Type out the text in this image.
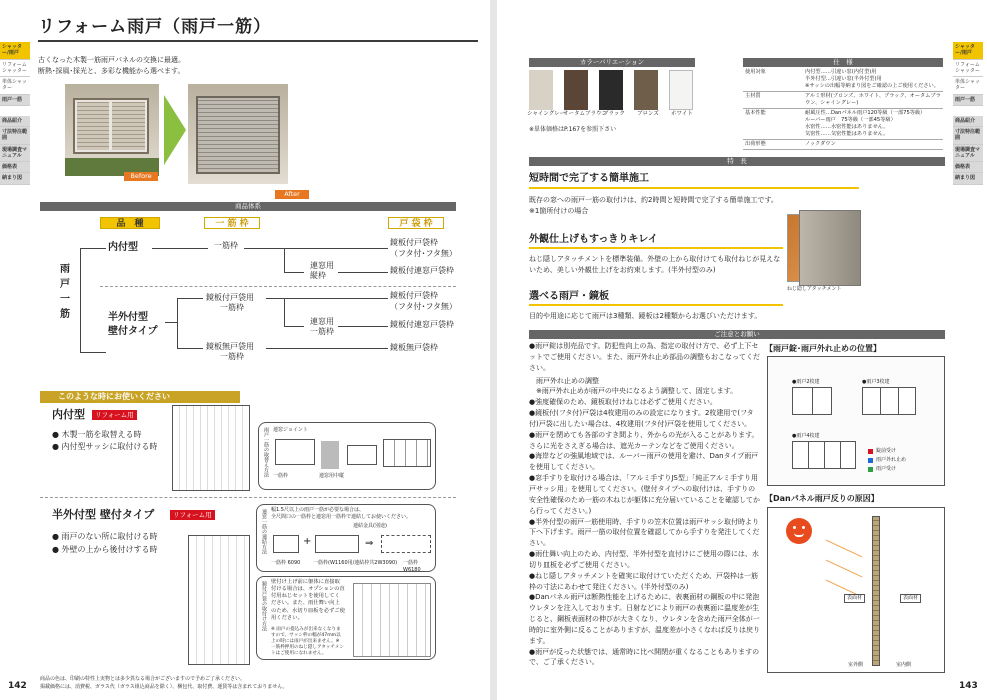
リフォーム雨戸（雨戸一筋）
古くなった木製一筋雨戸パネルの交換に最適。
断熱･採風･採光と、多彩な機能から選べます。
Before
After
商品体系
品　種	一 筋 枠	戸 袋 枠
雨
戸
一
筋
内付型	一筋枠
連窓用
縦枠
鏡板付戸袋枠
（フタ付･フタ無）
鏡板付連窓戸袋枠
半外付型
壁付タイプ
鏡板付戸袋用
一筋枠
連窓用
一筋枠
鏡板付戸袋枠
（フタ付･フタ無）
鏡板付連窓戸袋枠
鏡板無戸袋用
一筋枠
鏡板無戸袋枠
このような時にお使いください
内付型	リフォーム用
● 木製一筋を取替える時
● 内付型サッシに取付ける時	雨戸一筋の取替え方法 連窓ジョイント
一筋枠	連窓用中縦
半外付型 壁付タイプ	リフォーム用
● 雨戸のない所に取付ける時
● 外壁の上から後付けする時	連窓一筋の連結方法 幅1.5尺以上の雨戸一筋が必要な場合は、
全尺間口の一筋枠と連窓用一筋枠で連結してお使いください。
連結金具(別途)
+	⇒
一筋枠 6090	一筋枠(W1160用/連結枠共2W3090) 一筋枠 W6180
鏡付戸袋の取付け方法 壁付け上げ前に躯体に直接取付ける場合は、オプションの直付用ねじセットを使用してください。また、雨仕舞い向上のため、水切り皿板を必ずご使用ください。
※ 雨戸の提込みが出来なくなりますので、サッシ枠の幅が47mm以上の時には雨戸が出来ません。※ 一筋枠押用のねじ隠しアタッチメントはご使用になれません。
142
商品の色は、印刷の特性上実物とは多少異なる場合がございますので予めご了承ください。
掲載価格には、消費税、ガラス代（ガラス組込商品を除く）、梱包代、取付費、運賃等は含まれておりません。
シャッター/雨戸
リフォームシャッター
単体シャッター
雨戸一筋
商品紹介
寸法特注範囲
現場調査マニュアル
価格表
納まり図
カラーバリエーション
シャイングレー
オータムブラウン
ブラック ブロンズ ホワイト
※単体価格はP.167を参照下さい
仕　様
使用対象	内付型……引違い窓(内付型)用
半外付型…引違い窓(半外付型)用
※サッシの出幅等納まり図をご確認の上ご使用ください。
主材質	アルミ形材(ブロンズ、ホワイト、ブラック、オータムブラウン、シャイングレー)
基本性能	耐風圧性…Danパネル雨戸120等級（一部75等級）
ルーバー雨戸　75等級（一部45等級）
水密性……水密性能はありません。
気密性……気密性能はありません。
出荷形態	ノックダウン
特　長
短時間で完了する簡単施工
既存の窓への雨戸一筋の取付けは、約2時間と短時間で完了する簡単施工です。
※1箇所付けの場合
外観仕上げもすっきりキレイ
ねじ隠しアタッチメントを標準装備。外壁の上から取付けても取付ねじが見えないため、美しい外観仕上げをお約束します。(半外付型のみ)
ねじ隠しアタッチメント
選べる雨戸・鏡板
目的や用途に応じて雨戸は3種類、鏡板は2種類からお選びいただけます。
ご注意とお願い
●雨戸錠は別売品です。防犯性向上の為、指定の取付け方で、必ず上下セットでご使用ください。また、雨戸外れ止め部品の調整もおこなってください。
　雨戸外れ止めの調整
　※雨戸外れ止めが雨戸の中央になるよう調整して、固定します。
●強度確保のため、鏡板取付けねじは必ずご使用ください。
●鏡板付(フタ付)戸袋は4枚建用のみの設定になります。2枚建用で(フタ付)戸袋に出したい場合は、4枚建用(フタ付)戸袋を使用してください。
●雨戸を閉めても各部のすき間より、外からの光が入ることがあります。さらに光をさえぎる場合は、遮光カーテンなどをご使用ください。
●海岸などの強風地域では、ルーバー雨戸の使用を避け、Danタイプ雨戸を使用してください。
●窓手すりを取付ける場合は、「アルミ手すりJS型」「純正アルミ手すり用戸サッシ用」を使用してください。(壁付タイプへの取付けは、手すりの安全性確保のため一筋の木ねじが躯体に充分届いていることを確認してから行ってください。)
●半外付型の雨戸一筋使用時、手すりの笠木位置は雨戸サッシ取付時より下へ下げます。雨戸一筋の取付位置を確認してから手すりを発注してください。
●雨仕舞い向上のため、内付型、半外付型を直付けにご使用の際には、水切り皿板を必ずご使用ください。
●ねじ隠しアタッチメントを確実に取付けていただくため、戸袋枠は一筋枠の寸法にあわせて発注ください。(半外付型のみ)
●Danパネル雨戸は断熱性能を上げるために、表裏面材の鋼板の中に発泡ウレタンを注入しております。日射などにより雨戸の表裏面に温度差が生じると、鋼板表面材の伸びが大きくなり、ウレタンを含めた雨戸全体が一時的に室外側に反ることがありますが、温度差が小さくなれば反りは戻ります。
●雨戸が反った状態では、通常時に比べ開閉が重くなることもありますので、ご了承ください。
【雨戸錠･雨戸外れ止めの位置】
●雨戸2枚建	●雨戸3枚建
●雨戸4枚建
錠前受け
雨戸外れ止め
雨戸受け
【Danパネル雨戸反りの原因】
表面材	表面材
室外側	室内側
143
シャッター/雨戸
リフォームシャッター
単体シャッター
雨戸一筋
商品紹介
寸法特注範囲
現場調査マニュアル
価格表
納まり図
